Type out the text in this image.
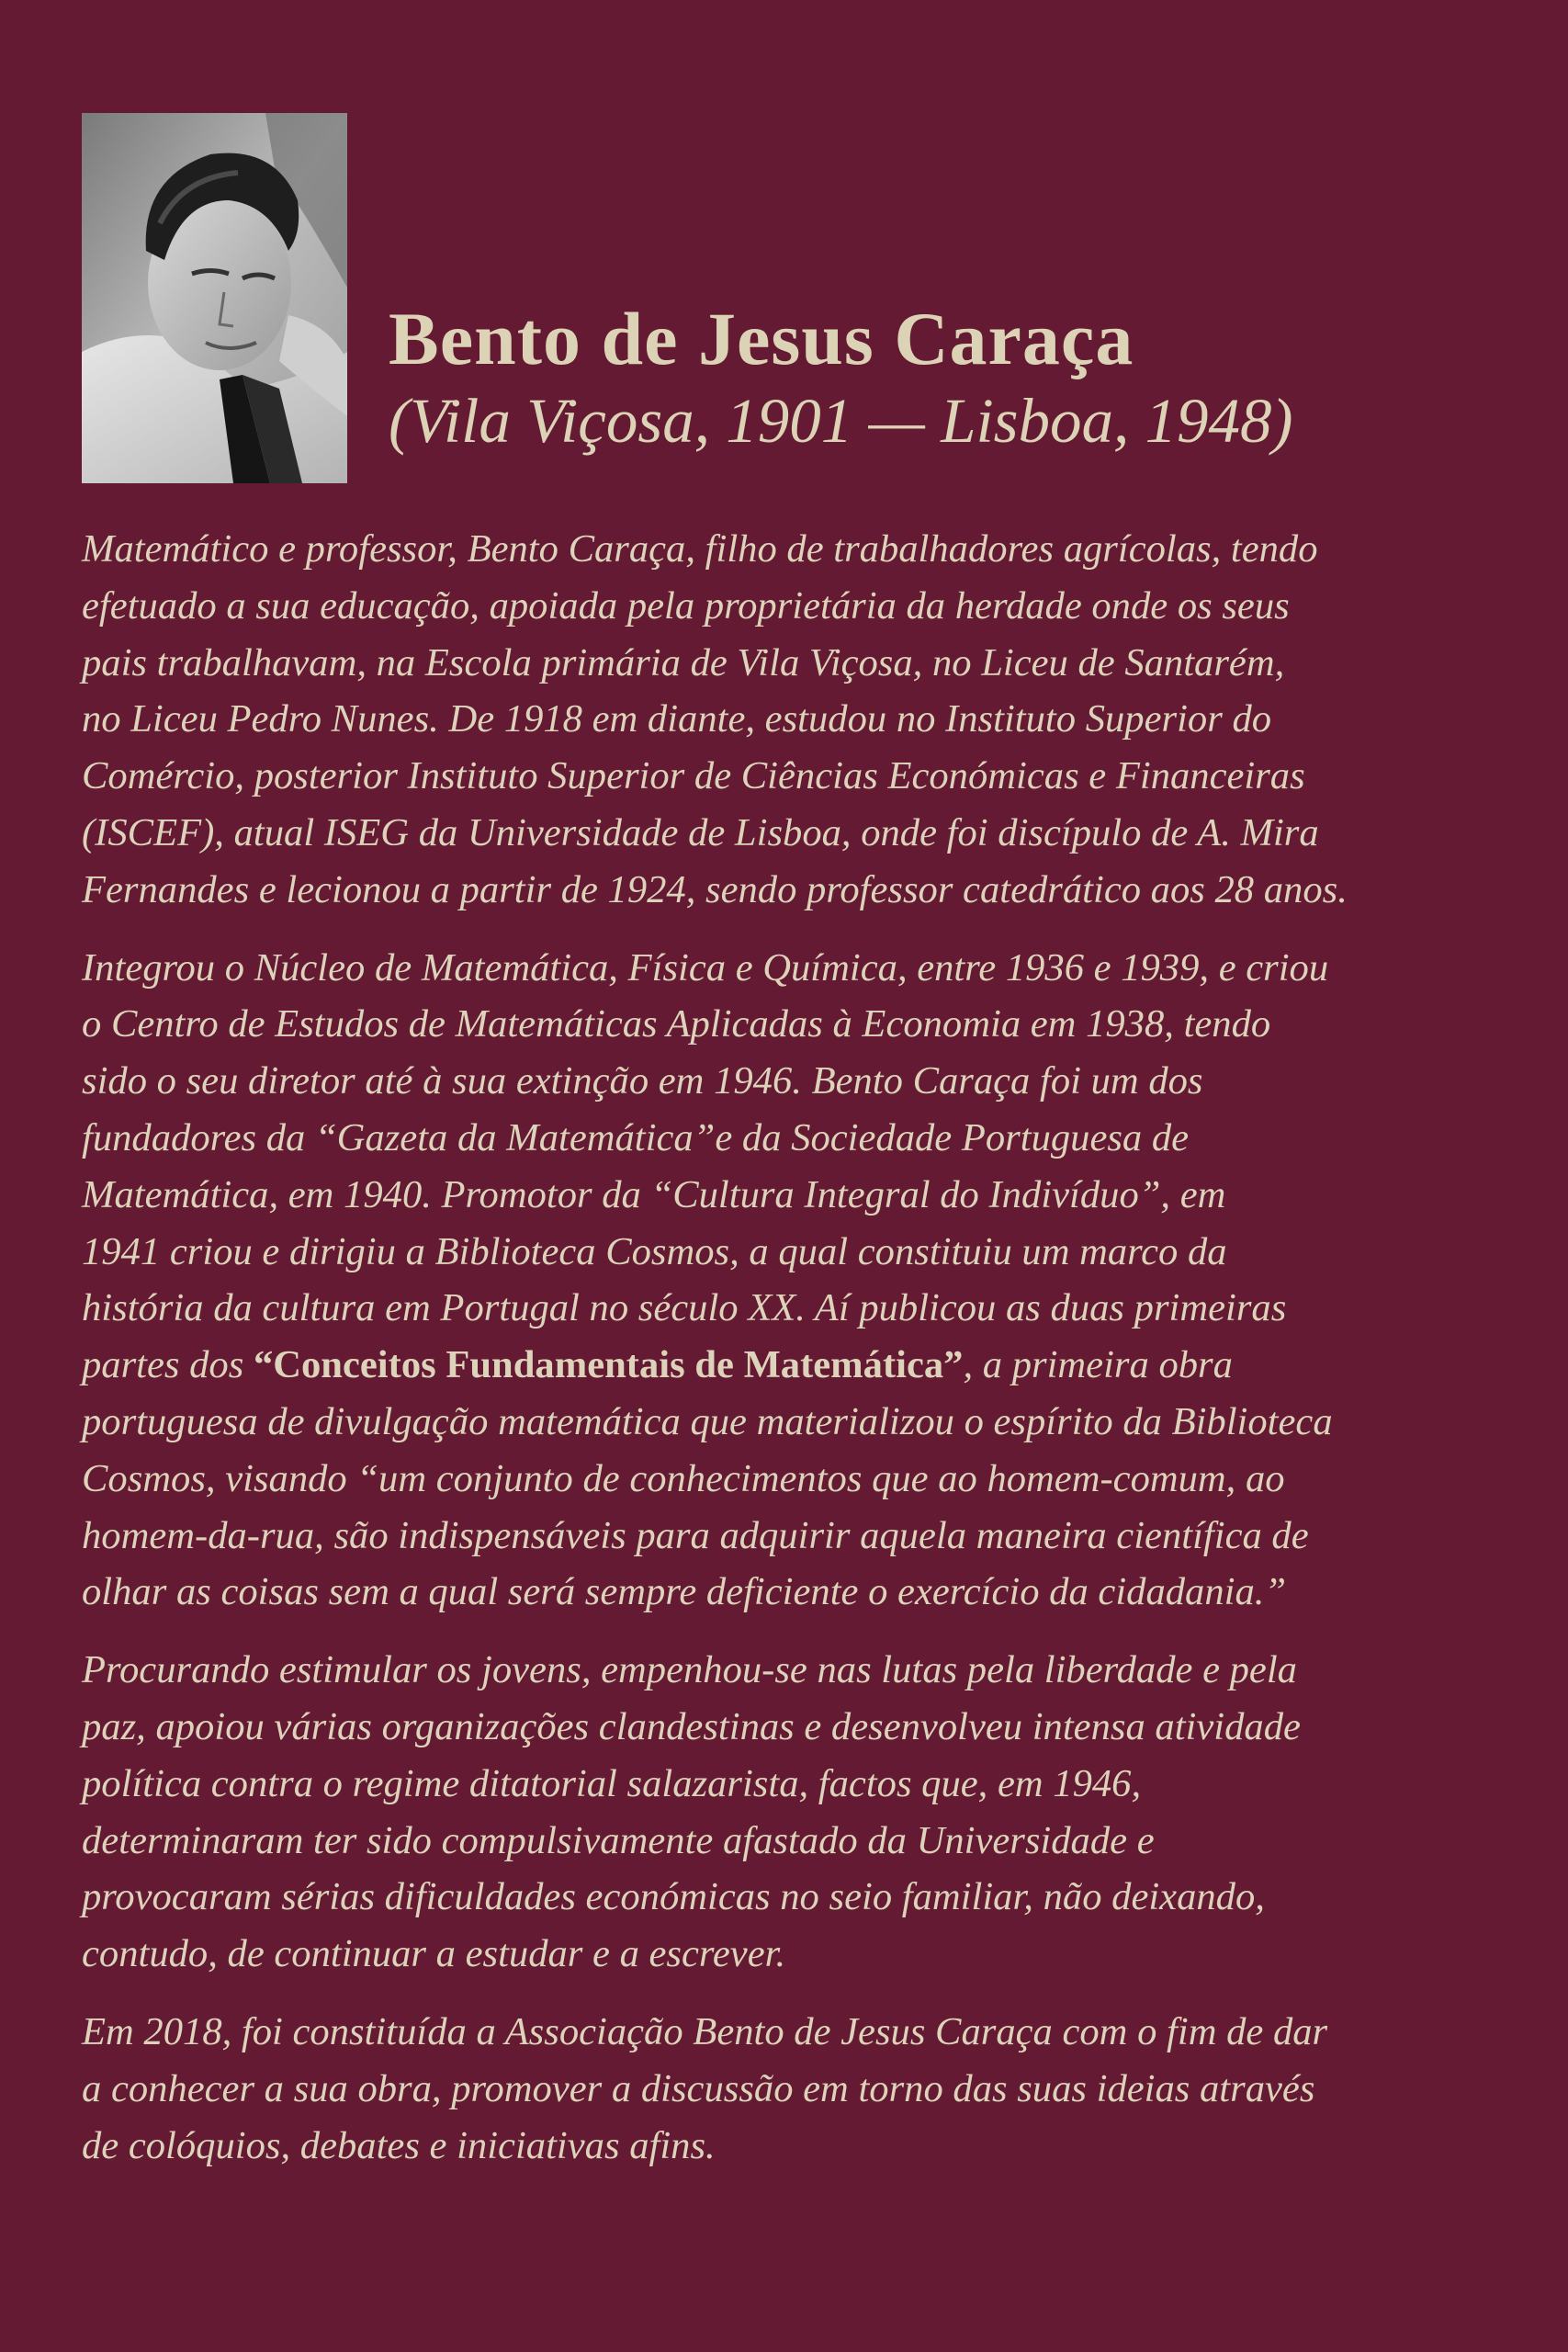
Bento de Jesus Caraça
(Vila Viçosa, 1901 — Lisboa, 1948)

Matemático e professor, Bento Caraça, filho de trabalhadores agrícolas, tendo
efetuado a sua educação, apoiada pela proprietária da herdade onde os seus
pais trabalhavam, na Escola primária de Vila Viçosa, no Liceu de Santarém,
no Liceu Pedro Nunes. De 1918 em diante, estudou no Instituto Superior do
Comércio, posterior Instituto Superior de Ciências Económicas e Financeiras
(ISCEF), atual ISEG da Universidade de Lisboa, onde foi discípulo de A. Mira
Fernandes e lecionou a partir de 1924, sendo professor catedrático aos 28 anos.

Integrou o Núcleo de Matemática, Física e Química, entre 1936 e 1939, e criou
o Centro de Estudos de Matemáticas Aplicadas à Economia em 1938, tendo
sido o seu diretor até à sua extinção em 1946. Bento Caraça foi um dos
fundadores da “Gazeta da Matemática”e da Sociedade Portuguesa de
Matemática, em 1940. Promotor da “Cultura Integral do Indivíduo”, em
1941 criou e dirigiu a Biblioteca Cosmos, a qual constituiu um marco da
história da cultura em Portugal no século XX. Aí publicou as duas primeiras
partes dos “Conceitos Fundamentais de Matemática”, a primeira obra
portuguesa de divulgação matemática que materializou o espírito da Biblioteca
Cosmos, visando “um conjunto de conhecimentos que ao homem-comum, ao
homem-da-rua, são indispensáveis para adquirir aquela maneira científica de
olhar as coisas sem a qual será sempre deficiente o exercício da cidadania.”

Procurando estimular os jovens, empenhou-se nas lutas pela liberdade e pela
paz, apoiou várias organizações clandestinas e desenvolveu intensa atividade
política contra o regime ditatorial salazarista, factos que, em 1946,
determinaram ter sido compulsivamente afastado da Universidade e
provocaram sérias dificuldades económicas no seio familiar, não deixando,
contudo, de continuar a estudar e a escrever.

Em 2018, foi constituída a Associação Bento de Jesus Caraça com o fim de dar
a conhecer a sua obra, promover a discussão em torno das suas ideias através
de colóquios, debates e iniciativas afins.
